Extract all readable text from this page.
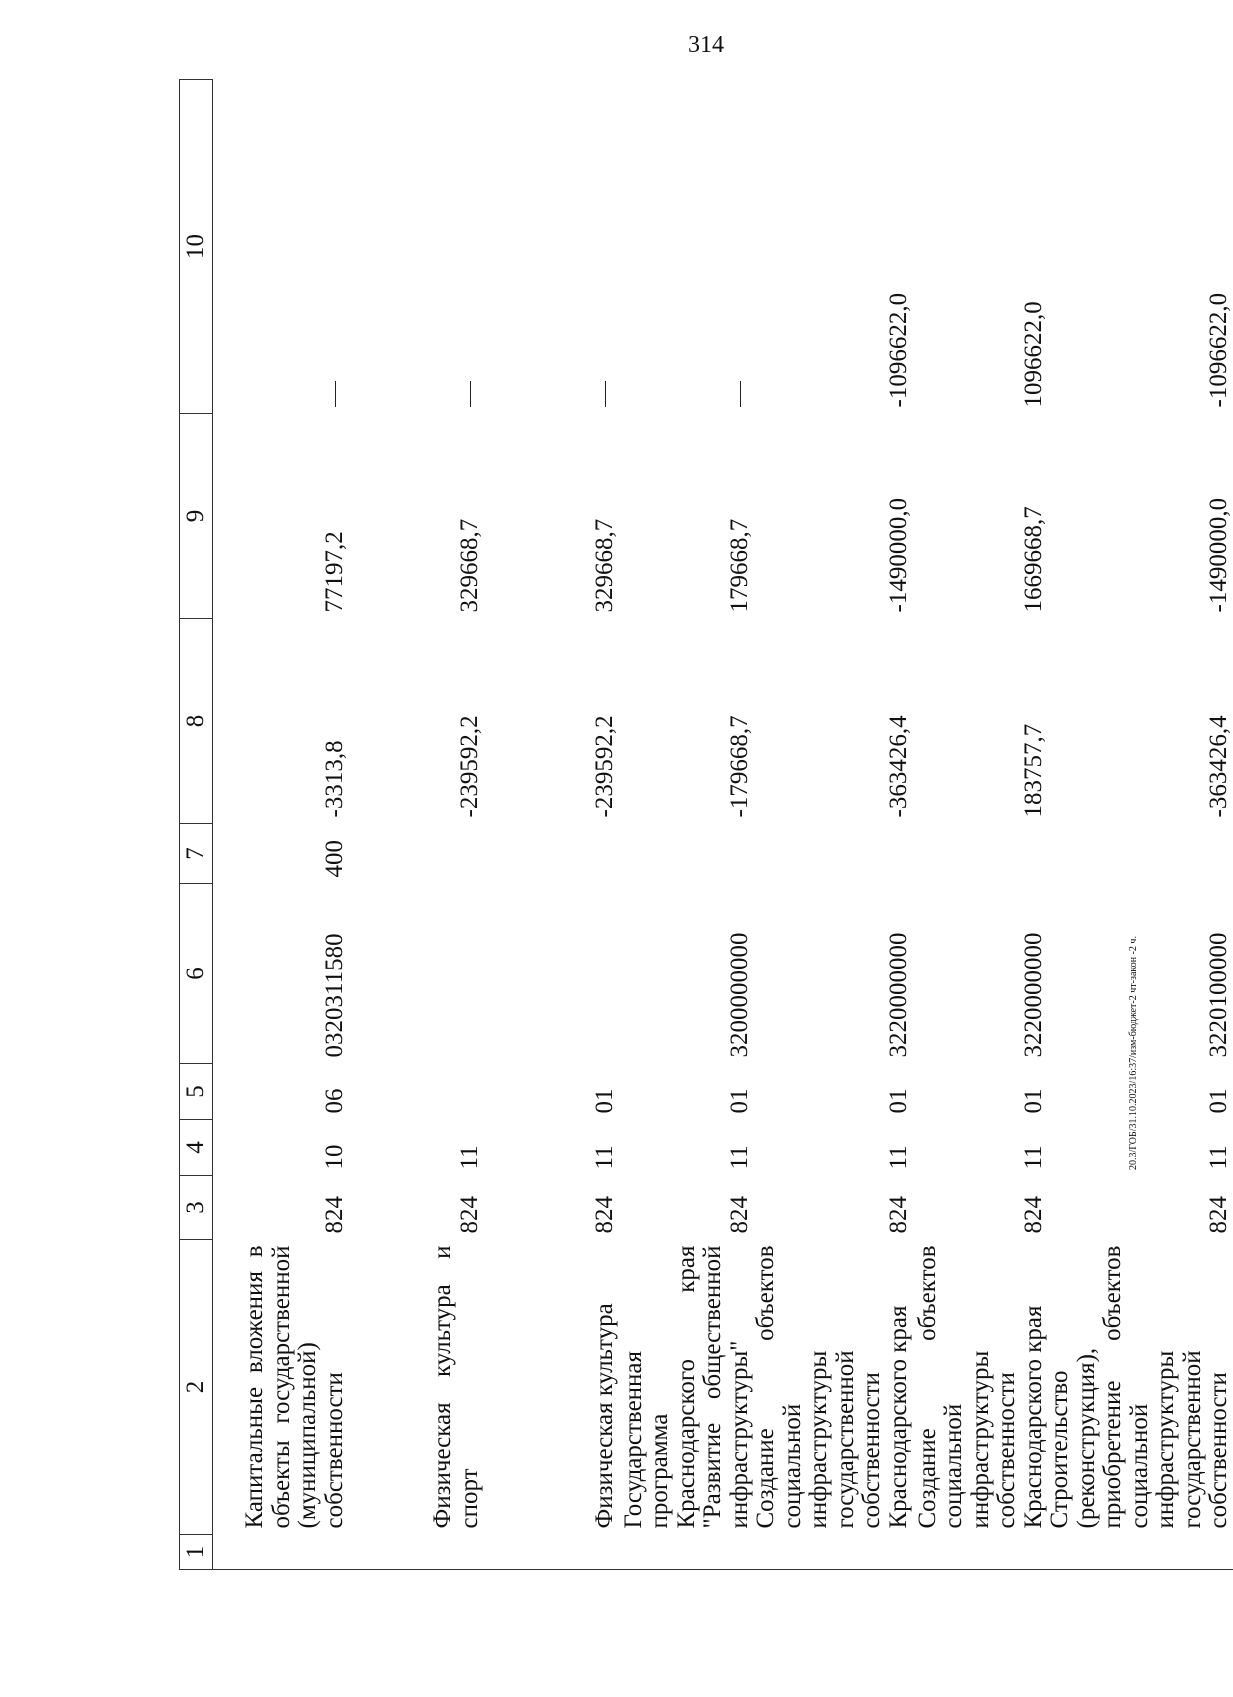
314
20.3/ГОБ/31.10.2023/16:37/изм-бюджет-2 чт-закон -2 ч.
1	2	3	4	5	6	7	8	9	10
	Капитальные вложения в объекты государственной (муниципальной) собственности	824	10	06	0320311580	400	-3313,8	77197,2	
	Физическая культура и спорт	824	11				-239592,2	329668,7	
	Физическая культура	824	11	01			-239592,2	329668,7	
	Государственная программа Краснодарского края "Развитие общественной инфраструктуры"	824	11	01	3200000000		-179668,7	179668,7	
	Создание объектов социальной инфраструктуры государственной собственности Краснодарского края	824	11	01	3220000000		-363426,4	-1490000,0	-1096622,0
	Создание объектов социальной инфраструктуры собственности Краснодарского края	824	11	01	3220000000		183757,7	1669668,7	1096622,0
	Строительство (реконструкция), приобретение объектов социальной инфраструктуры государственной собственности	824	11	01	3220100000		-363426,4	-1490000,0	-1096622,0
